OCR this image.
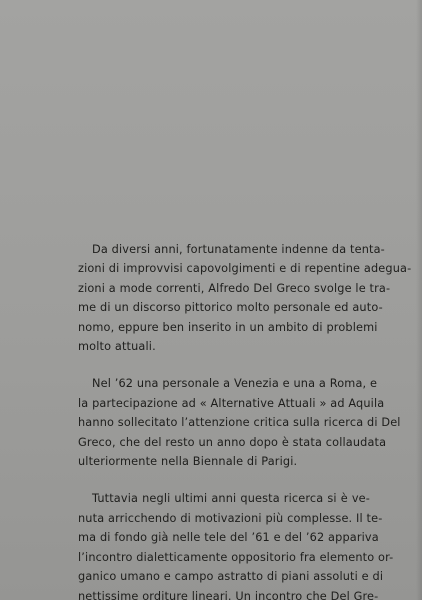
Da diversi anni, fortunatamente indenne da tenta-
zioni di improvvisi capovolgimenti e di repentine adegua-
zioni a mode correnti, Alfredo Del Greco svolge le tra-
me di un discorso pittorico molto personale ed auto-
nomo, eppure ben inserito in un ambito di problemi
molto attuali.

Nel ’62 una personale a Venezia e una a Roma, e
la partecipazione ad « Alternative Attuali » ad Aquila
hanno sollecitato l’attenzione critica sulla ricerca di Del
Greco, che del resto un anno dopo è stata collaudata
ulteriormente nella Biennale di Parigi.

Tuttavia negli ultimi anni questa ricerca si è ve-
nuta arricchendo di motivazioni più complesse. Il te-
ma di fondo già nelle tele del ’61 e del ’62 appariva
l’incontro dialetticamente oppositorio fra elemento or-
ganico umano e campo astratto di piani assoluti e di
nettissime orditure lineari. Un incontro che Del Gre-
